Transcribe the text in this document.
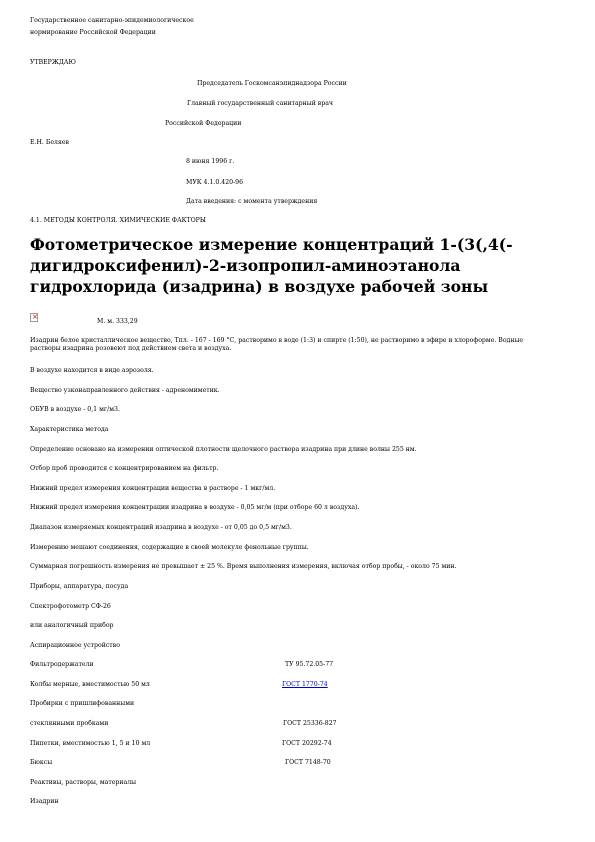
Государственное санитарно-эпидемиологическое
нормирование Российской Федерации
УТВЕРЖДАЮ
Председатель Госкомсанэпиднадзора России
Главный государственный санитарный врач
Российской Федерации
Е.Н. Беляев
8 июня 1996 г.
МУК 4.1.0.420-96
Дата введения: с момента утверждения
4.1. МЕТОДЫ КОНТРОЛЯ. ХИМИЧЕСКИЕ ФАКТОРЫ
Фотометрическое измерение концентраций 1-(3(,4(-дигидроксифенил)-2-изопропил-аминоэтанола гидрохлорида (изадрина) в воздухе рабочей зоны
×
М. м. 333,29
Изадрин белое кристаллическое вещество, Тпл. - 167 - 169 °С, растворимо в воде (1:3) и спирте (1:50), не растворимо в эфире и хлороформе. Водные растворы изадрина розовеют под действием света и воздуха.
В воздухе находится в виде аэрозоля.
Вещество узконаправленного действия - адреномиметик.
ОБУВ в воздухе - 0,1 мг/м3.
Характеристика метода
Определение основано на измерении оптической плотности щелочного раствора изадрина при длине волны 255 нм.
Отбор проб проводится с концентрированием на фильтр.
Нижний предел измерения концентрации вещества в растворе - 1 мкг/мл.
Нижний предел измерения концентрации изадрина в воздухе - 0,05 мг/м (при отборе 60 л воздуха).
Диапазон измеряемых концентраций изадрина в воздухе - от 0,05 до 0,5 мг/м3.
Измерению мешают соединения, содержащие в своей молекуле фенольные группы.
Суммарная погрешность измерения не превышает ± 25 %. Время выполнения измерения, включая отбор пробы, - около 75 мин.
Приборы, аппаратура, посуда
Спектрофотометр СФ-26
или аналогичный прибор
Аспирационное устройство
Фильтродержатели	ТУ 95.72.05-77
Колбы мерные, вместимостью 50 мл	ГОСТ 1770-74
Пробирки с пришлифованными
стеклянными пробками	ГОСТ 25336-827
Пипетки, вместимостью 1, 5 и 10 мл	ГОСТ 20292-74
Бюксы	ГОСТ 7148-70
Реактивы, растворы, материалы
Изадрин
